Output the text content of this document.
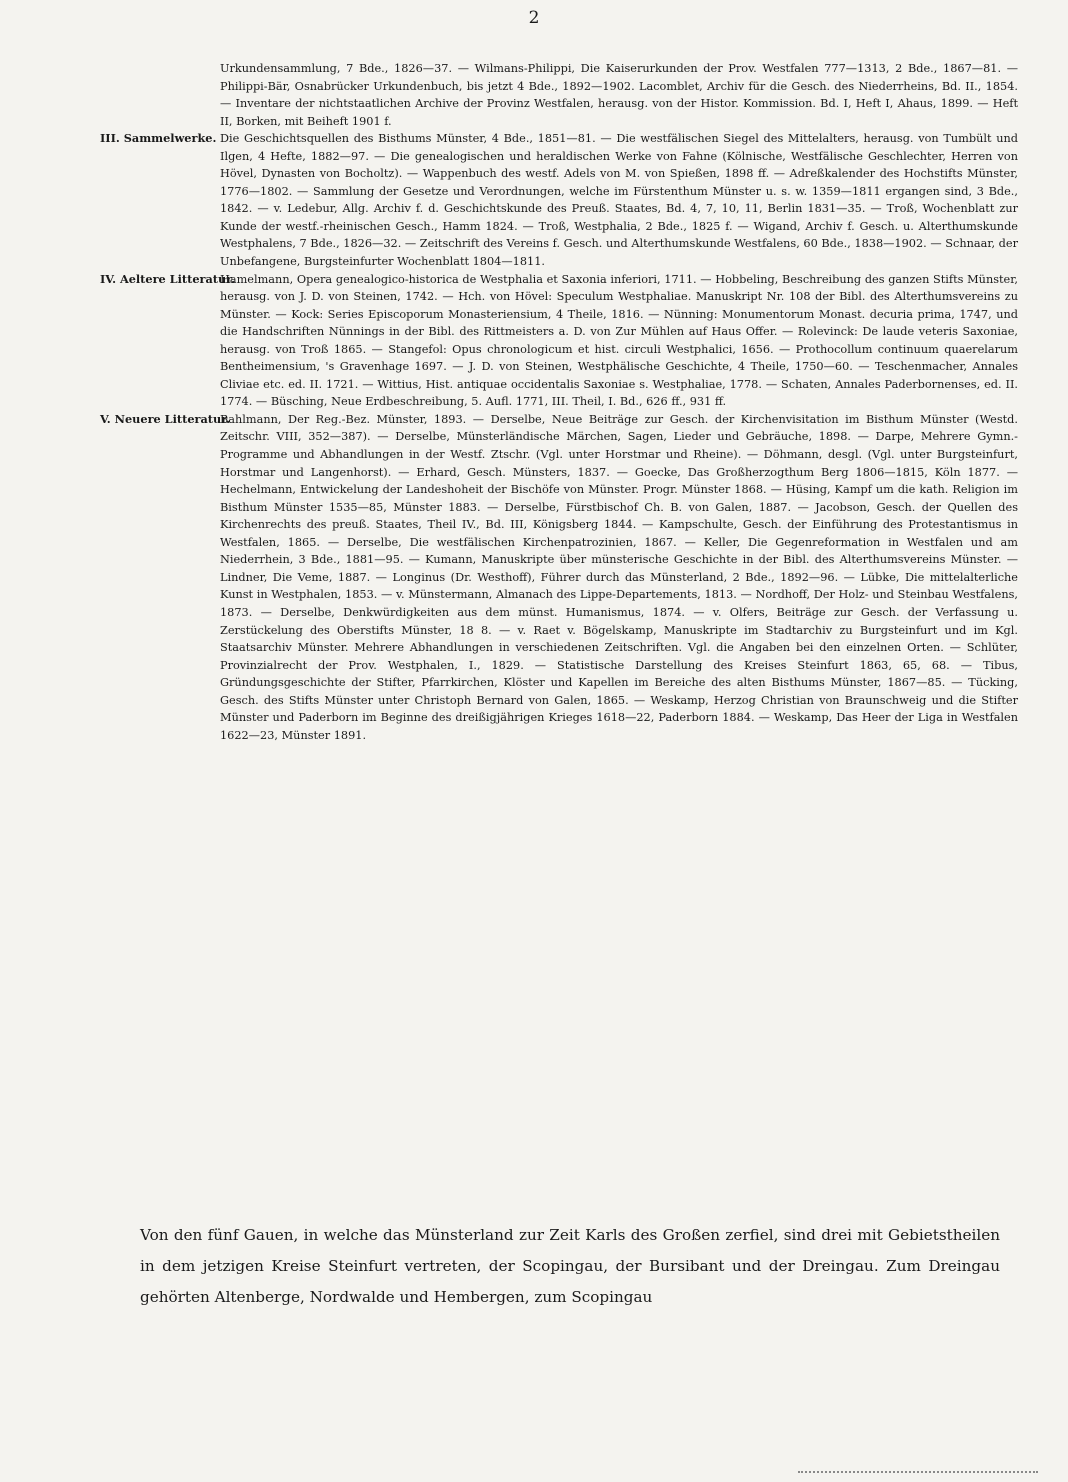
2
Urkundensammlung, 7 Bde., 1826—37. — Wilmans-Philippi, Die Kaiserurkunden der Prov. Westfalen 777—1313, 2 Bde., 1867—81. — Philippi-Bär, Osnabrücker Urkundenbuch, bis jetzt 4 Bde., 1892—1902. Lacomblet, Archiv für die Gesch. des Niederrheins, Bd. II., 1854. — Inventare der nichtstaatlichen Archive der Provinz Westfalen, herausg. von der Histor. Kommission. Bd. I, Heft I, Ahaus, 1899. — Heft II, Borken, mit Beiheft 1901 f.
III. Sammelwerke. Die Geschichtsquellen des Bisthums Münster, 4 Bde., 1851—81. — Die westfälischen Siegel des Mittelalters, herausg. von Tumbült und Ilgen, 4 Hefte, 1882—97. — Die genealogischen und heraldischen Werke von Fahne (Kölnische, Westfälische Geschlechter, Herren von Hövel, Dynasten von Bocholtz). — Wappenbuch des westf. Adels von M. von Spießen, 1898 ff. — Adreßkalender des Hochstifts Münster, 1776—1802. — Sammlung der Gesetze und Verordnungen, welche im Fürstenthum Münster u. s. w. 1359—1811 ergangen sind, 3 Bde., 1842. — v. Ledebur, Allg. Archiv f. d. Geschichtskunde des Preuß. Staates, Bd. 4, 7, 10, 11, Berlin 1831—35. — Troß, Wochenblatt zur Kunde der westf.-rheinischen Gesch., Hamm 1824. — Troß, Westphalia, 2 Bde., 1825 f. — Wigand, Archiv f. Gesch. u. Alterthumskunde Westphalens, 7 Bde., 1826—32. — Zeitschrift des Vereins f. Gesch. und Alterthumskunde Westfalens, 60 Bde., 1838—1902. — Schnaar, der Unbefangene, Burgsteinfurter Wochenblatt 1804—1811.
IV. Aeltere Litteratur.
Hamelmann, Opera genealogico-historica de Westphalia et Saxonia inferiori, 1711. — Hobbeling, Beschreibung des ganzen Stifts Münster, herausg. von J. D. von Steinen, 1742. — Hch. von Hövel: Speculum Westphaliae. Manuskript Nr. 108 der Bibl. des Alterthumsvereins zu Münster. — Kock: Series Episcoporum Monasteriensium, 4 Theile, 1816. — Nünning: Monumentorum Monast. decuria prima, 1747, und die Handschriften Nünnings in der Bibl. des Rittmeisters a. D. von Zur Mühlen auf Haus Offer. — Rolevinck: De laude veteris Saxoniae, herausg. von Troß 1865. — Stangefol: Opus chronologicum et hist. circuli Westphalici, 1656. — Prothocollum continuum quaerelarum Bentheimensium, 's Gravenhage 1697. — J. D. von Steinen, Westphälische Geschichte, 4 Theile, 1750—60. — Teschenmacher, Annales Cliviae etc. ed. II. 1721. — Wittius, Hist. antiquae occidentalis Saxoniae s. Westphaliae, 1778. — Schaten, Annales Paderbornenses, ed. II. 1774. — Büsching, Neue Erdbeschreibung, 5. Aufl. 1771, III. Theil, I. Bd., 626 ff., 931 ff.
V. Neuere Litteratur.
Bahlmann, Der Reg.-Bez. Münster, 1893. — Derselbe, Neue Beiträge zur Gesch. der Kirchenvisitation im Bisthum Münster (Westd. Zeitschr. VIII, 352—387). — Derselbe, Münsterländische Märchen, Sagen, Lieder und Gebräuche, 1898. — Darpe, Mehrere Gymn.-Programme und Abhandlungen in der Westf. Ztschr. (Vgl. unter Horstmar und Rheine). — Döhmann, desgl. (Vgl. unter Burgsteinfurt, Horstmar und Langenhorst). — Erhard, Gesch. Münsters, 1837. — Goecke, Das Großherzogthum Berg 1806—1815, Köln 1877. — Hechelmann, Entwickelung der Landeshoheit der Bischöfe von Münster. Progr. Münster 1868. — Hüsing, Kampf um die kath. Religion im Bisthum Münster 1535—85, Münster 1883. — Derselbe, Fürstbischof Ch. B. von Galen, 1887. — Jacobson, Gesch. der Quellen des Kirchenrechts des preuß. Staates, Theil IV., Bd. III, Königsberg 1844. — Kampschulte, Gesch. der Einführung des Protestantismus in Westfalen, 1865. — Derselbe, Die westfälischen Kirchenpatrozinien, 1867. — Keller, Die Gegenreformation in Westfalen und am Niederrhein, 3 Bde., 1881—95. — Kumann, Manuskripte über münsterische Geschichte in der Bibl. des Alterthumsvereins Münster. — Lindner, Die Veme, 1887. — Longinus (Dr. Westhoff), Führer durch das Münsterland, 2 Bde., 1892—96. — Lübke, Die mittelalterliche Kunst in Westphalen, 1853. — v. Münstermann, Almanach des Lippe-Departements, 1813. — Nordhoff, Der Holz- und Steinbau Westfalens, 1873. — Derselbe, Denkwürdigkeiten aus dem münst. Humanismus, 1874. — v. Olfers, Beiträge zur Gesch. der Verfassung u. Zerstückelung des Oberstifts Münster, 18 8. — v. Raet v. Bögelskamp, Manuskripte im Stadtarchiv zu Burgsteinfurt und im Kgl. Staatsarchiv Münster. Mehrere Abhandlungen in verschiedenen Zeitschriften. Vgl. die Angaben bei den einzelnen Orten. — Schlüter, Provinzialrecht der Prov. Westphalen, I., 1829. — Statistische Darstellung des Kreises Steinfurt 1863, 65, 68. — Tibus, Gründungsgeschichte der Stifter, Pfarrkirchen, Klöster und Kapellen im Bereiche des alten Bisthums Münster, 1867—85. — Tücking, Gesch. des Stifts Münster unter Christoph Bernard von Galen, 1865. — Weskamp, Herzog Christian von Braunschweig und die Stifter Münster und Paderborn im Beginne des dreißigjährigen Krieges 1618—22, Paderborn 1884. — Weskamp, Das Heer der Liga in Westfalen 1622—23, Münster 1891.
Von den fünf Gauen, in welche das Münsterland zur Zeit Karls des Großen zerfiel, sind drei mit Gebietstheilen in dem jetzigen Kreise Steinfurt vertreten, der Scopingau, der Bursibant und der Dreingau. Zum Dreingau gehörten Altenberge, Nordwalde und Hembergen, zum Scopingau
